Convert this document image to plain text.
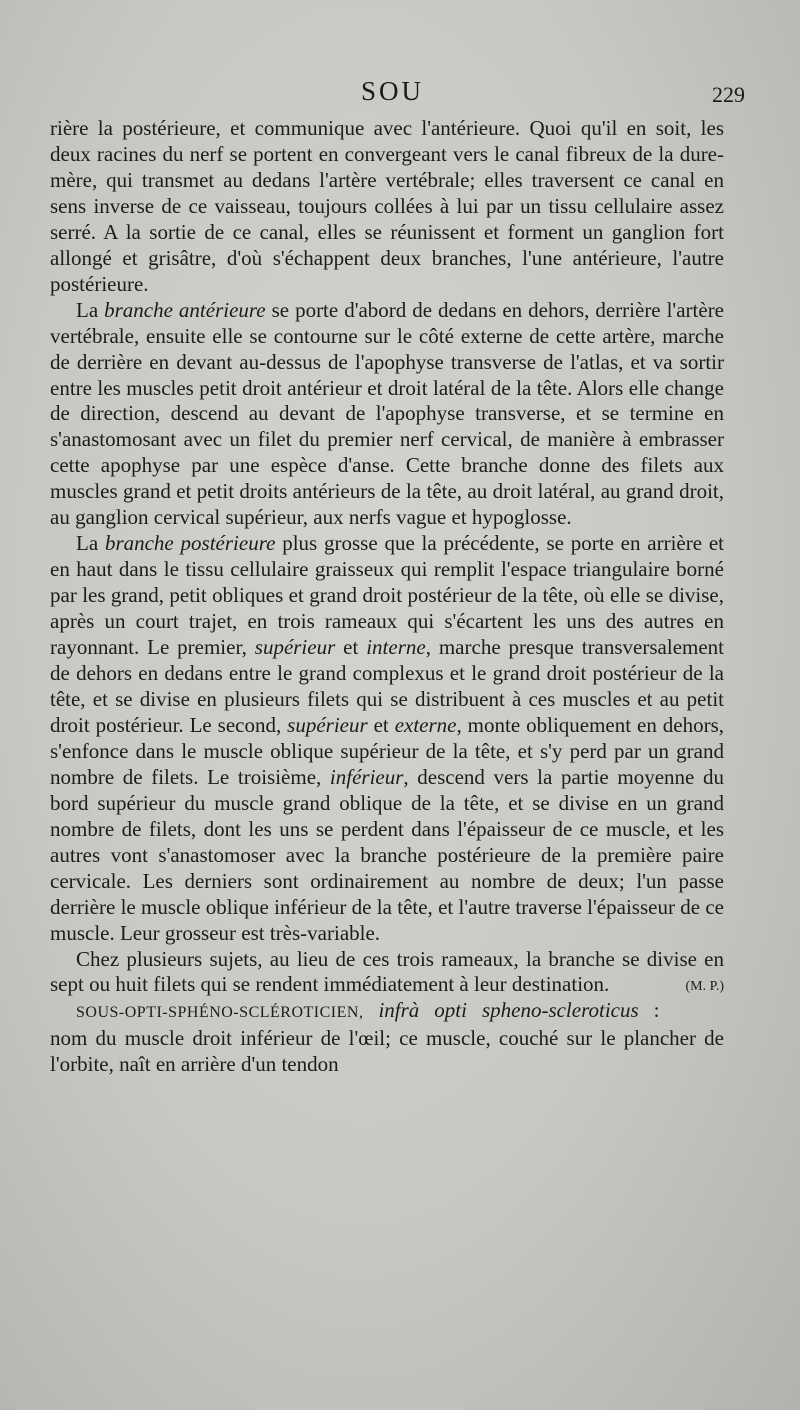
SOU	229

rière la postérieure, et communique avec l'antérieure. Quoi qu'il en soit, les deux racines du nerf se portent en convergeant vers le canal fibreux de la dure-mère, qui transmet au dedans l'artère vertébrale; elles traversent ce canal en sens inverse de ce vaisseau, toujours collées à lui par un tissu cellulaire assez serré. A la sortie de ce canal, elles se réunissent et forment un ganglion fort allongé et grisâtre, d'où s'échappent deux branches, l'une antérieure, l'autre postérieure.

La branche antérieure se porte d'abord de dedans en dehors, derrière l'artère vertébrale, ensuite elle se contourne sur le côté externe de cette artère, marche de derrière en devant au-dessus de l'apophyse transverse de l'atlas, et va sortir entre les muscles petit droit antérieur et droit latéral de la tête. Alors elle change de direction, descend au devant de l'apophyse transverse, et se termine en s'anastomosant avec un filet du premier nerf cervical, de manière à embrasser cette apophyse par une espèce d'anse. Cette branche donne des filets aux muscles grand et petit droits antérieurs de la tête, au droit latéral, au grand droit, au ganglion cervical supérieur, aux nerfs vague et hypoglosse.

La branche postérieure plus grosse que la précédente, se porte en arrière et en haut dans le tissu cellulaire graisseux qui remplit l'espace triangulaire borné par les grand, petit obliques et grand droit postérieur de la tête, où elle se divise, après un court trajet, en trois rameaux qui s'écartent les uns des autres en rayonnant. Le premier, supérieur et interne, marche presque transversalement de dehors en dedans entre le grand complexus et le grand droit postérieur de la tête, et se divise en plusieurs filets qui se distribuent à ces muscles et au petit droit postérieur. Le second, supérieur et externe, monte obliquement en dehors, s'enfonce dans le muscle oblique supérieur de la tête, et s'y perd par un grand nombre de filets. Le troisième, inférieur, descend vers la partie moyenne du bord supérieur du muscle grand oblique de la tête, et se divise en un grand nombre de filets, dont les uns se perdent dans l'épaisseur de ce muscle, et les autres vont s'anastomoser avec la branche postérieure de la première paire cervicale. Les derniers sont ordinairement au nombre de deux; l'un passe derrière le muscle oblique inférieur de la tête, et l'autre traverse l'épaisseur de ce muscle. Leur grosseur est très-variable.

Chez plusieurs sujets, au lieu de ces trois rameaux, la branche se divise en sept ou huit filets qui se rendent immédiatement à leur destination.	(M. P.)

SOUS-OPTI-SPHÉNO-SCLÉROTICIEN, infrà opti spheno-scleroticus : nom du muscle droit inférieur de l'œil; ce muscle, couché sur le plancher de l'orbite, naît en arrière d'un tendon
